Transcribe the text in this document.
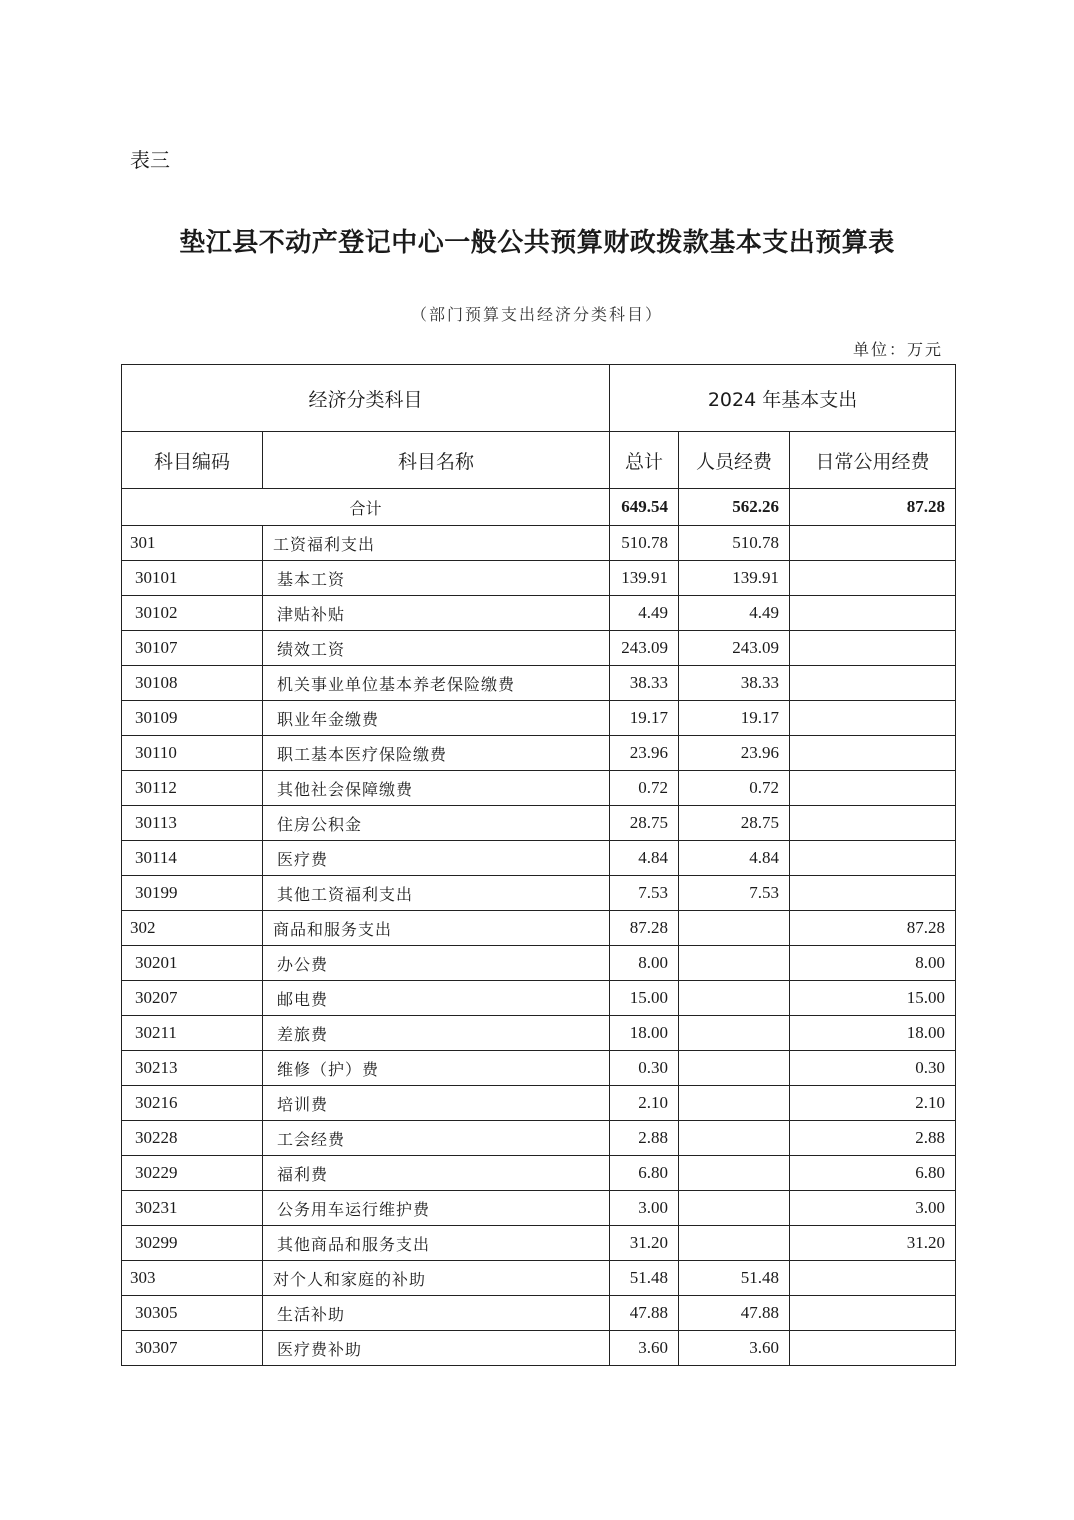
表三
垫江县不动产登记中心一般公共预算财政拨款基本支出预算表
（部门预算支出经济分类科目）
单位：万元
经济分类科目		2024 年基本支出		
科目编码	科目名称	总计	人员经费	日常公用经费
合计		649.54	562.26	87.28
301	工资福利支出	510.78	510.78	
30101	基本工资	139.91	139.91	
30102	津贴补贴	4.49	4.49	
30107	绩效工资	243.09	243.09	
30108	机关事业单位基本养老保险缴费	38.33	38.33	
30109	职业年金缴费	19.17	19.17	
30110	职工基本医疗保险缴费	23.96	23.96	
30112	其他社会保障缴费	0.72	0.72	
30113	住房公积金	28.75	28.75	
30114	医疗费	4.84	4.84	
30199	其他工资福利支出	7.53	7.53	
302	商品和服务支出	87.28		87.28
30201	办公费	8.00		8.00
30207	邮电费	15.00		15.00
30211	差旅费	18.00		18.00
30213	维修（护）费	0.30		0.30
30216	培训费	2.10		2.10
30228	工会经费	2.88		2.88
30229	福利费	6.80		6.80
30231	公务用车运行维护费	3.00		3.00
30299	其他商品和服务支出	31.20		31.20
303	对个人和家庭的补助	51.48	51.48	
30305	生活补助	47.88	47.88	
30307	医疗费补助	3.60	3.60	
